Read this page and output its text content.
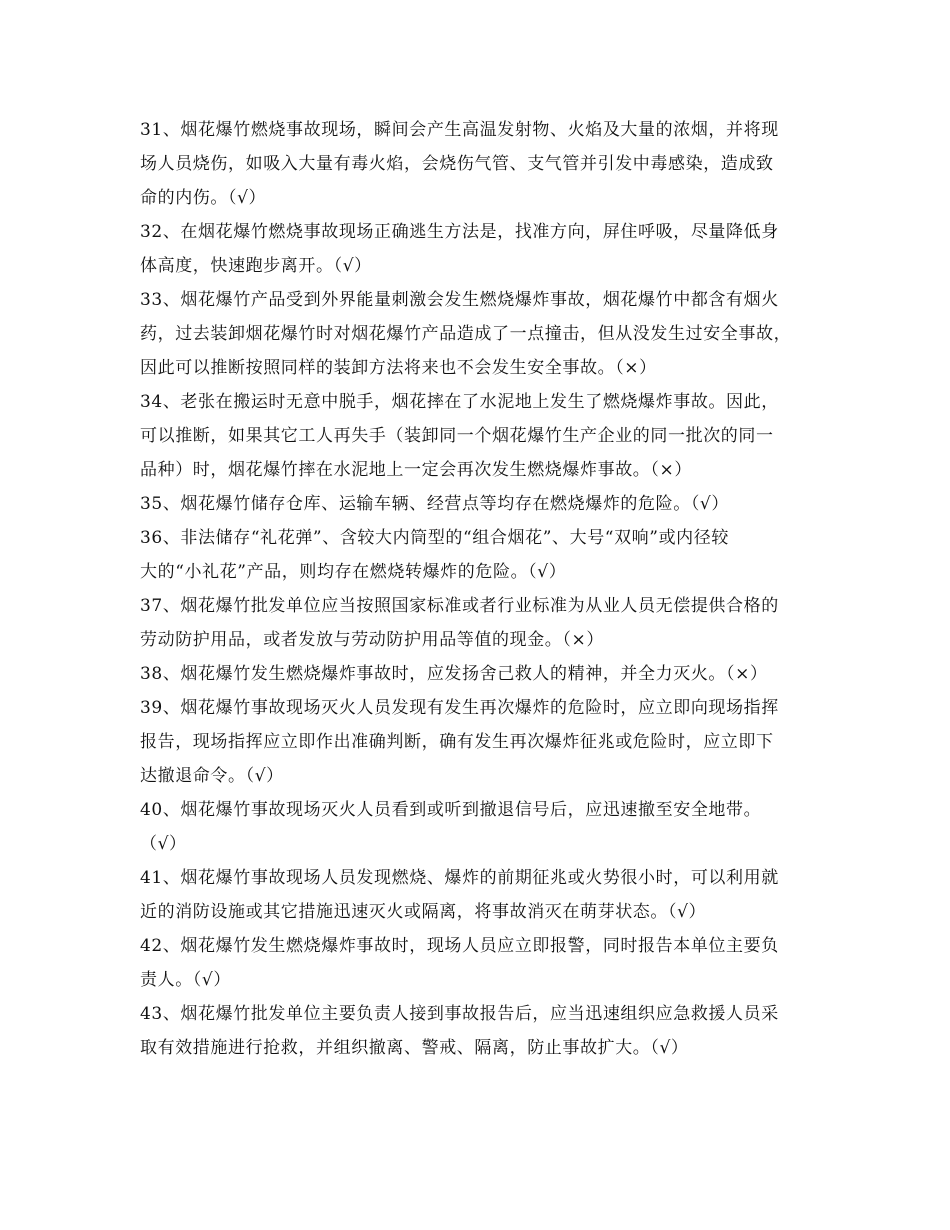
31、烟花爆竹燃烧事故现场，瞬间会产生高温发射物、火焰及大量的浓烟，并将现
场人员烧伤，如吸入大量有毒火焰，会烧伤气管、支气管并引发中毒感染，造成致
命的内伤。（√）
32、在烟花爆竹燃烧事故现场正确逃生方法是，找准方向，屏住呼吸，尽量降低身
体高度，快速跑步离开。（√）
33、烟花爆竹产品受到外界能量刺激会发生燃烧爆炸事故，烟花爆竹中都含有烟火
药，过去装卸烟花爆竹时对烟花爆竹产品造成了一点撞击，但从没发生过安全事故，
因此可以推断按照同样的装卸方法将来也不会发生安全事故。（×）
34、老张在搬运时无意中脱手，烟花摔在了水泥地上发生了燃烧爆炸事故。因此，
可以推断，如果其它工人再失手（装卸同一个烟花爆竹生产企业的同一批次的同一
品种）时，烟花爆竹摔在水泥地上一定会再次发生燃烧爆炸事故。（×）
35、烟花爆竹储存仓库、运输车辆、经营点等均存在燃烧爆炸的危险。（√）
36、非法储存“礼花弹”、含较大内筒型的“组合烟花”、大号“双响”或内径较
大的“小礼花”产品，则均存在燃烧转爆炸的危险。（√）
37、烟花爆竹批发单位应当按照国家标准或者行业标准为从业人员无偿提供合格的
劳动防护用品，或者发放与劳动防护用品等值的现金。（×）
38、烟花爆竹发生燃烧爆炸事故时，应发扬舍己救人的精神，并全力灭火。（×）
39、烟花爆竹事故现场灭火人员发现有发生再次爆炸的危险时，应立即向现场指挥
报告，现场指挥应立即作出准确判断，确有发生再次爆炸征兆或危险时，应立即下
达撤退命令。（√）
40、烟花爆竹事故现场灭火人员看到或听到撤退信号后，应迅速撤至安全地带。
（√）
41、烟花爆竹事故现场人员发现燃烧、爆炸的前期征兆或火势很小时，可以利用就
近的消防设施或其它措施迅速灭火或隔离，将事故消灭在萌芽状态。（√）
42、烟花爆竹发生燃烧爆炸事故时，现场人员应立即报警，同时报告本单位主要负
责人。（√）
43、烟花爆竹批发单位主要负责人接到事故报告后，应当迅速组织应急救援人员采
取有效措施进行抢救，并组织撤离、警戒、隔离，防止事故扩大。（√）
